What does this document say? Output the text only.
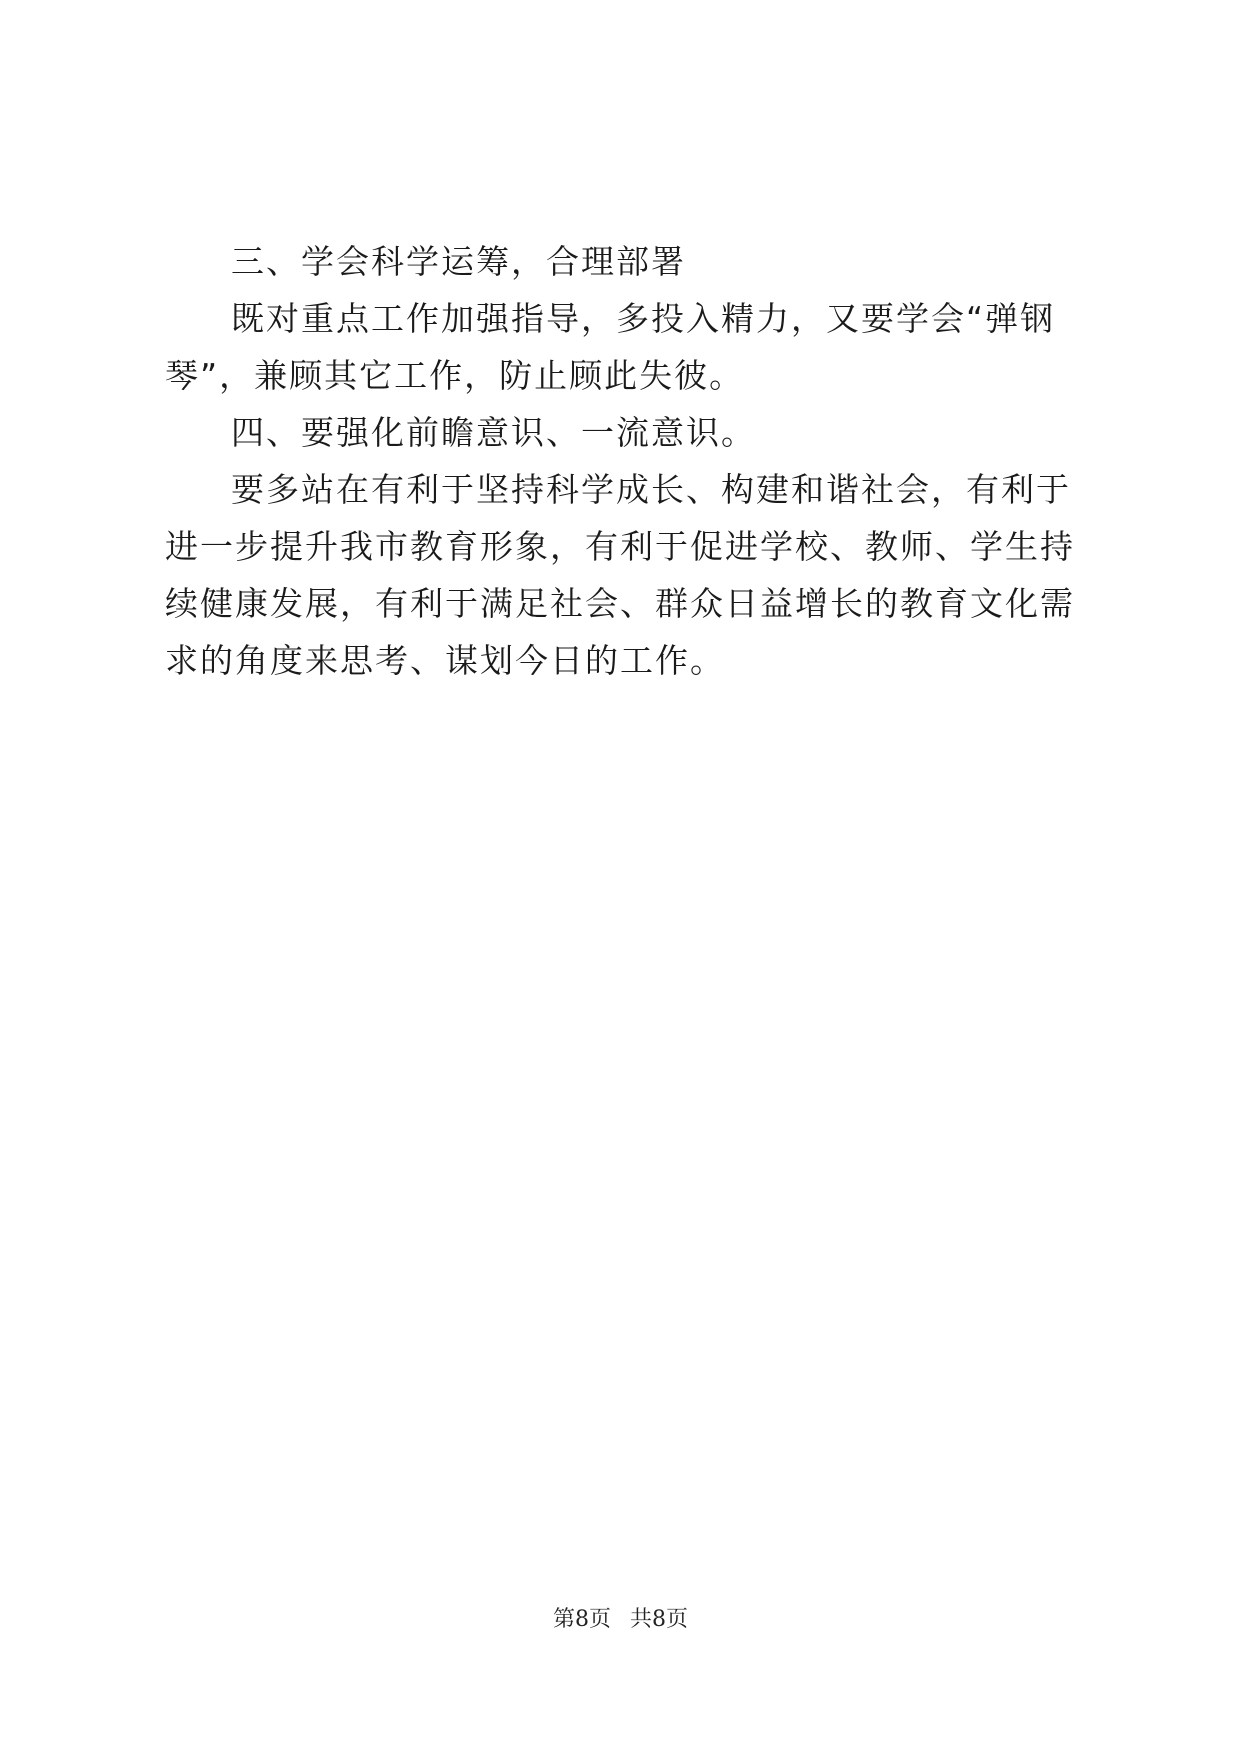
三、学会科学运筹，合理部署

既对重点工作加强指导，多投入精力，又要学会“弹钢琴”，兼顾其它工作，防止顾此失彼。

四、要强化前瞻意识、一流意识。

要多站在有利于坚持科学成长、构建和谐社会，有利于进一步提升我市教育形象，有利于促进学校、教师、学生持续健康发展，有利于满足社会、群众日益增长的教育文化需求的角度来思考、谋划今日的工作。

第8页 共8页
